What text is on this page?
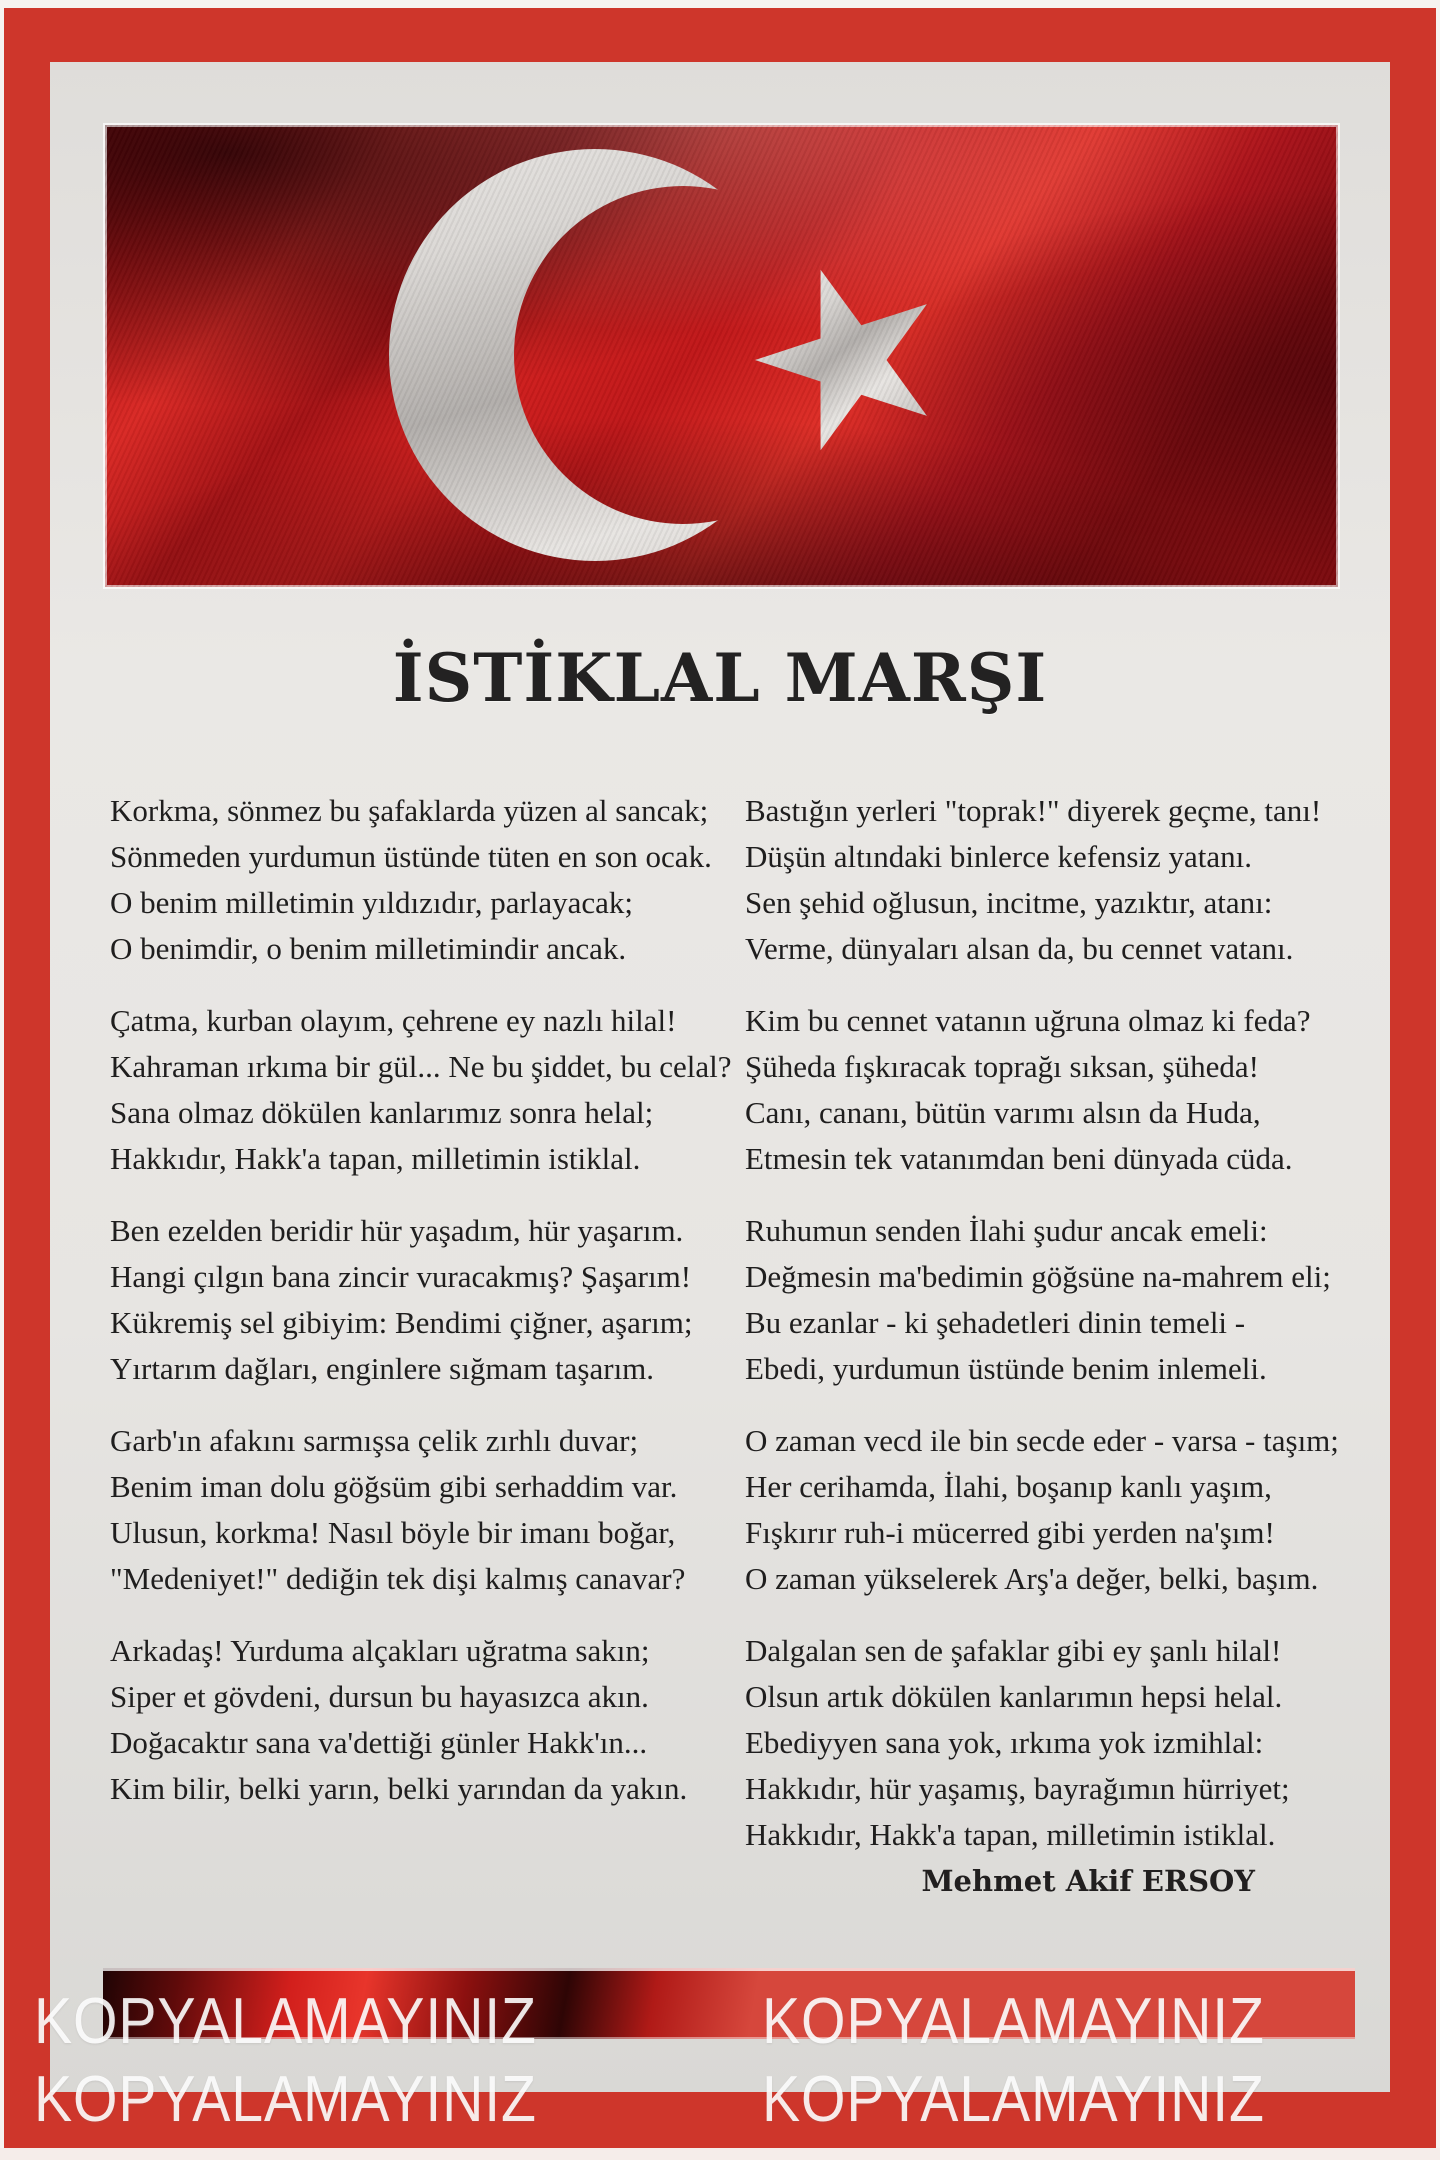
İSTİKLAL MARŞI
Korkma, sönmez bu şafaklarda yüzen al sancak;
Sönmeden yurdumun üstünde tüten en son ocak.
O benim milletimin yıldızıdır, parlayacak;
O benimdir, o benim milletimindir ancak.
Çatma, kurban olayım, çehrene ey nazlı hilal!
Kahraman ırkıma bir gül... Ne bu şiddet, bu celal?
Sana olmaz dökülen kanlarımız sonra helal;
Hakkıdır, Hakk'a tapan, milletimin istiklal.
Ben ezelden beridir hür yaşadım, hür yaşarım.
Hangi çılgın bana zincir vuracakmış? Şaşarım!
Kükremiş sel gibiyim: Bendimi çiğner, aşarım;
Yırtarım dağları, enginlere sığmam taşarım.
Garb'ın afakını sarmışsa çelik zırhlı duvar;
Benim iman dolu göğsüm gibi serhaddim var.
Ulusun, korkma! Nasıl böyle bir imanı boğar,
"Medeniyet!" dediğin tek dişi kalmış canavar?
Arkadaş! Yurduma alçakları uğratma sakın;
Siper et gövdeni, dursun bu hayasızca akın.
Doğacaktır sana va'dettiği günler Hakk'ın...
Kim bilir, belki yarın, belki yarından da yakın.
Bastığın yerleri "toprak!" diyerek geçme, tanı!
Düşün altındaki binlerce kefensiz yatanı.
Sen şehid oğlusun, incitme, yazıktır, atanı:
Verme, dünyaları alsan da, bu cennet vatanı.
Kim bu cennet vatanın uğruna olmaz ki feda?
Şüheda fışkıracak toprağı sıksan, şüheda!
Canı, cananı, bütün varımı alsın da Huda,
Etmesin tek vatanımdan beni dünyada cüda.
Ruhumun senden İlahi şudur ancak emeli:
Değmesin ma'bedimin göğsüne na-mahrem eli;
Bu ezanlar - ki şehadetleri dinin temeli -
Ebedi, yurdumun üstünde benim inlemeli.
O zaman vecd ile bin secde eder - varsa - taşım;
Her cerihamda, İlahi, boşanıp kanlı yaşım,
Fışkırır ruh-i mücerred gibi yerden na'şım!
O zaman yükselerek Arş'a değer, belki, başım.
Dalgalan sen de şafaklar gibi ey şanlı hilal!
Olsun artık dökülen kanlarımın hepsi helal.
Ebediyyen sana yok, ırkıma yok izmihlal:
Hakkıdır, hür yaşamış, bayrağımın hürriyet;
Hakkıdır, Hakk'a tapan, milletimin istiklal.
Mehmet Akif ERSOY
KOPYALAMAYINIZ	KOPYALAMAYINIZ
KOPYALAMAYINIZ	KOPYALAMAYINIZ
